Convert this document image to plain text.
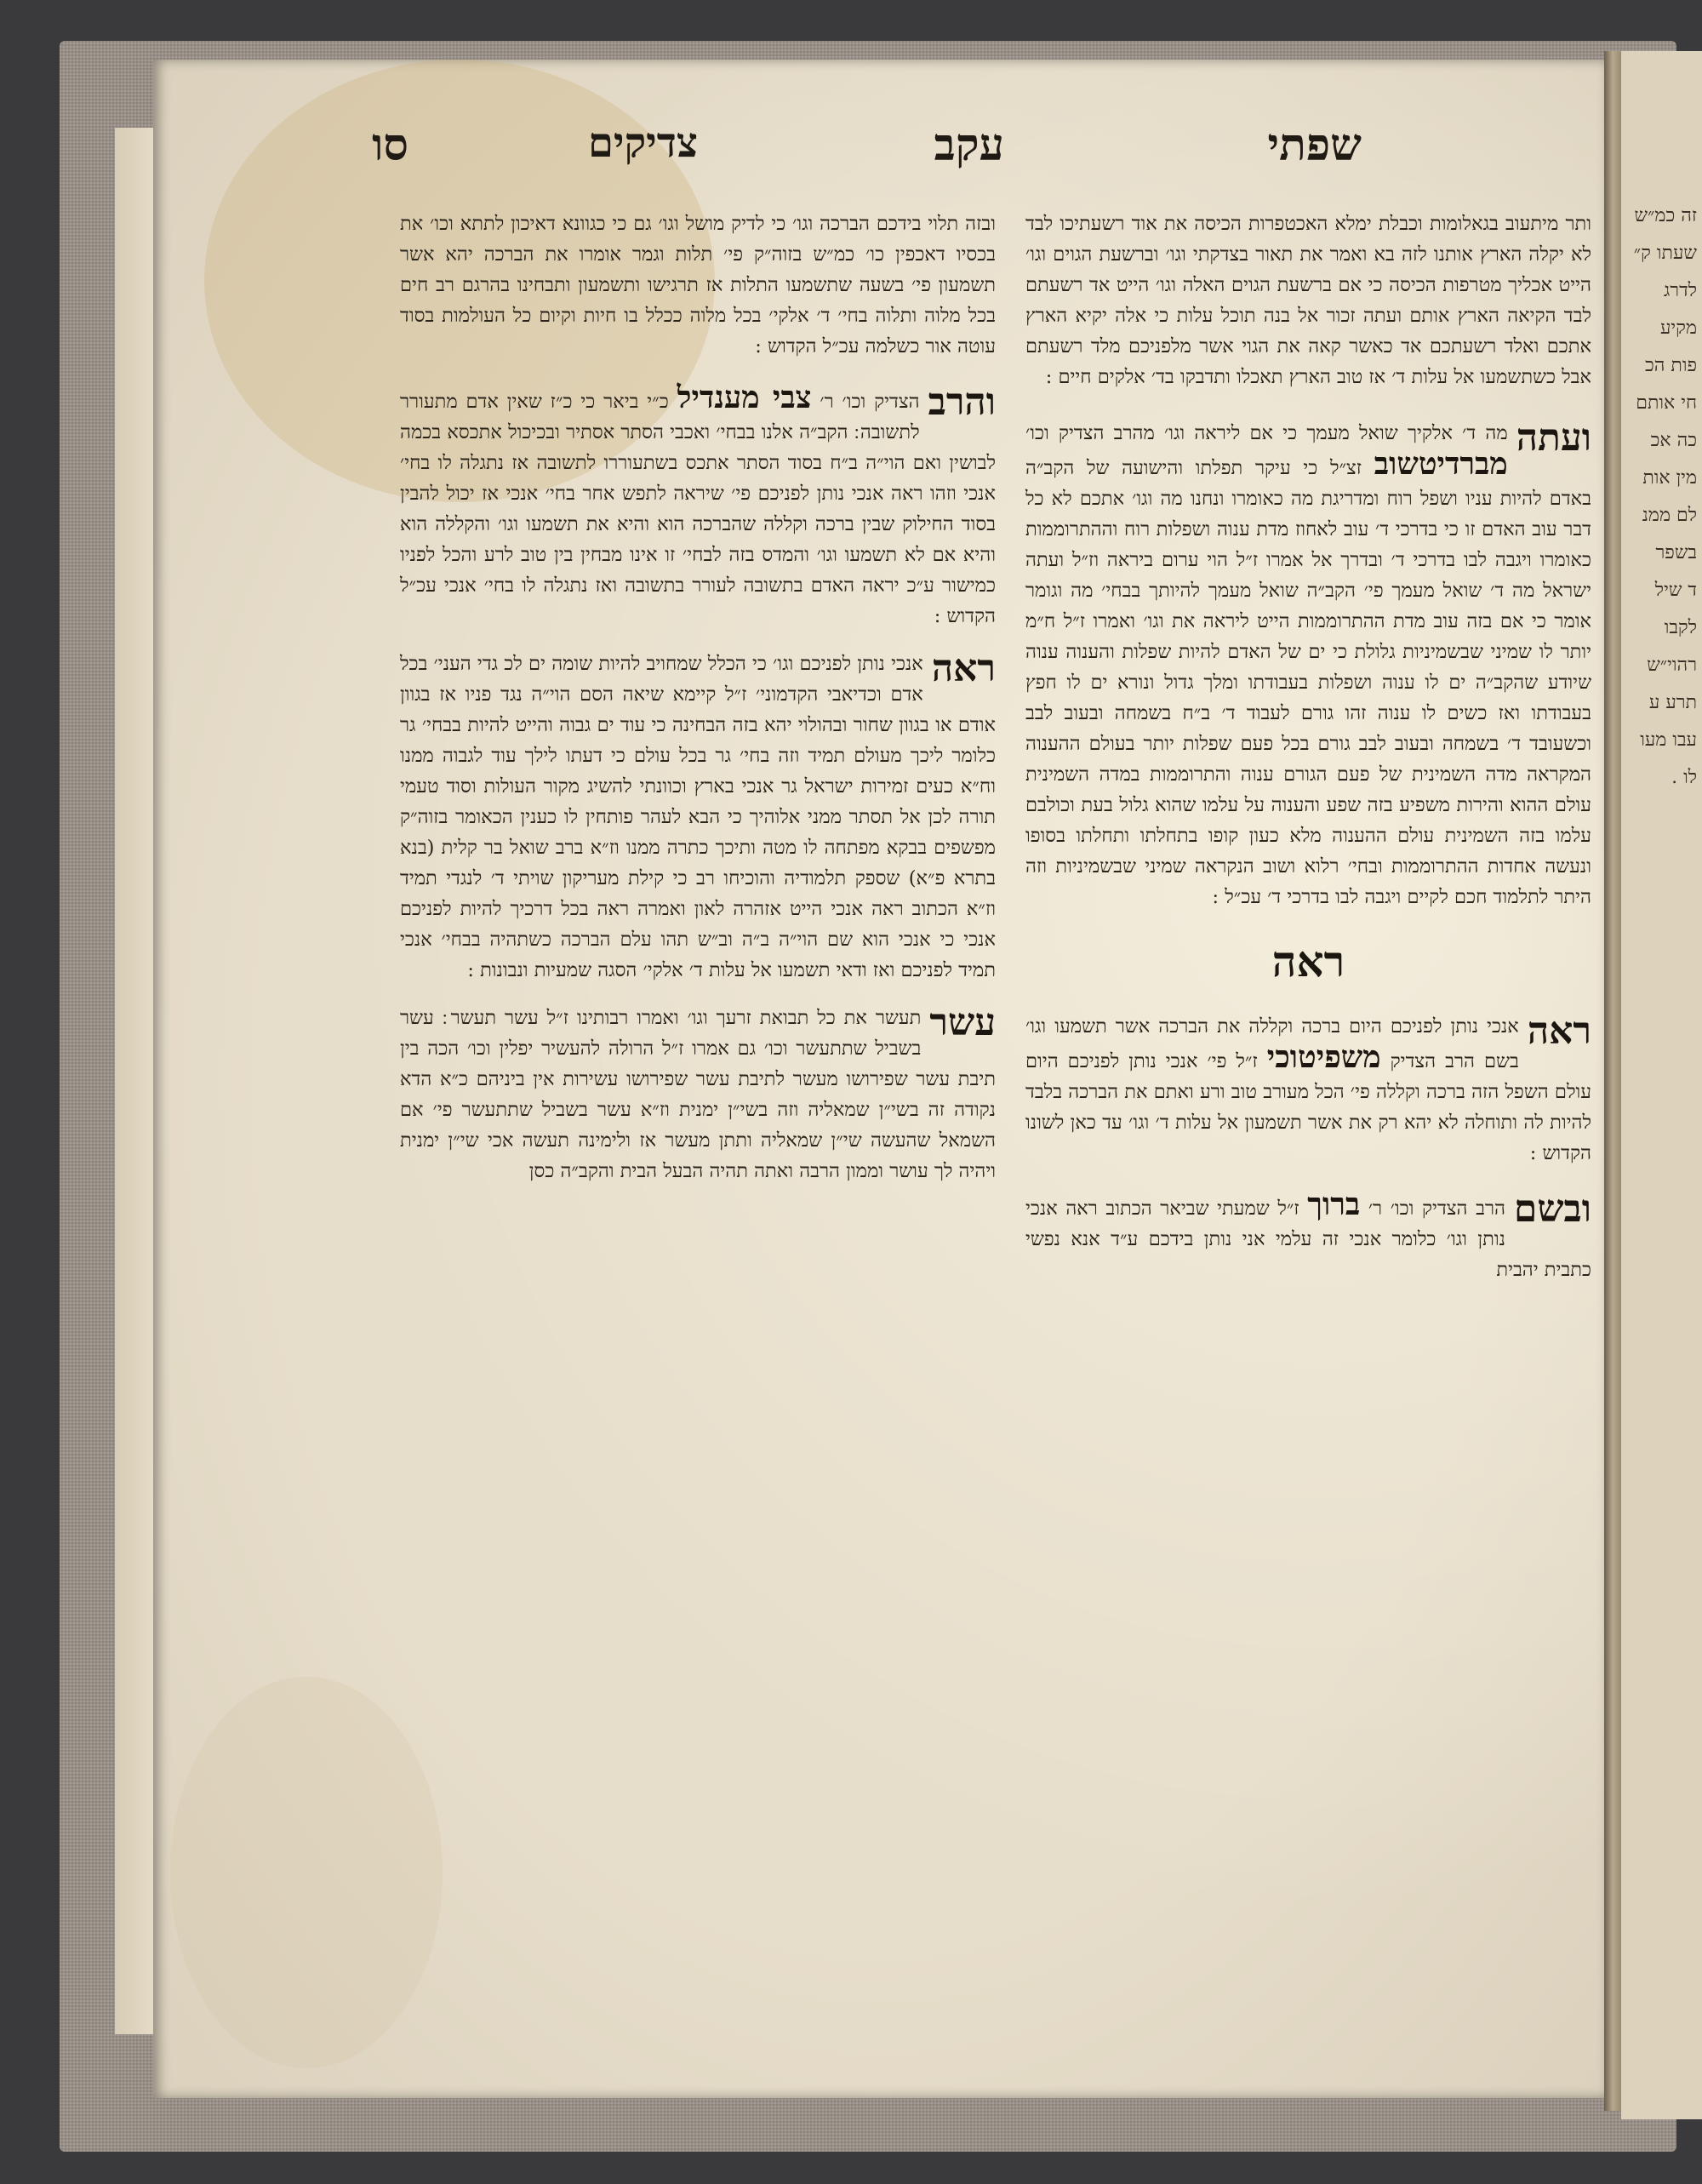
זה כמ״ש
שעתו ק״
לדרג
מקיע
פות הכ
חי אותם
כה אכ
מין אות
לם ממנ
בשפר
ד שיל
לקבו
רהוי״ש
תרע ע
עבו מעו
לו .
שפתי
עקב
צדיקים
סו

ותר מיתעוב בגאלומות וכבלת ימלא האכטפרות הכיסה את אוד רשעתיכו לבד לא יקלה הארץ אותנו לזה בא ואמר את תאור בצדקתי וגו׳ וברשעת הגוים וגו׳ הייט אכליך מטרפות הכיסה כי אם ברשעת הגוים האלה וגו׳ הייט אד רשעתם לבד הקיאה הארץ אותם ועתה זכור אל בנה תוכל עלות כי אלה יקיא הארץ אתכם ואלד רשעתכם אד כאשר קאה את הגוי אשר מלפניכם מלד רשעתם אבל כשתשמעו אל עלות ד׳ אז טוב הארץ תאכלו ותדבקו בד׳ אלקים חיים :

ועתה
מה ד׳ אלקיך שואל מעמך כי אם ליראה וגו׳ מהרב הצדיק וכו׳ מברדיטשוב זצ״ל כי עיקר תפלתו והישועה של הקב״ה באדם להיות עניו ושפל רוח ומדריגת מה כאומרו ונחנו מה וגו׳ אתכם לא כל דבר עוב האדם זו כי בדרכי ד׳ עוב לאחוז מדת ענוה ושפלות רוח וההתרוממות כאומרו ויגבה לבו בדרכי ד׳ ובדרך אל אמרו ז״ל הוי ערום ביראה וז״ל ועתה ישראל מה ד׳ שואל מעמך פי׳ הקב״ה שואל מעמך להיותך בבחי׳ מה וגומר אומר כי אם בזה עוב מדת ההתרוממות הייט ליראה את וגו׳ ואמרו ז״ל ח״מ יותר לו שמיני שבשמיניות גלולת כי ים של האדם להיות שפלות והענוה ענוה שיודע שהקב״ה ים לו ענוה ושפלות בעבודתו ומלך גדול ונורא ים לו חפץ בעבודתו ואז כשים לו ענוה זהו גורם לעבוד ד׳ ב״ח בשמחה ובעוב לבב וכשעובד ד׳ בשמחה ובעוב לבב גורם בכל פעם שפלות יותר בעולם ההענוה המקראה מדה השמינית של פעם הגורם ענוה והתרוממות במדה השמינית עולם ההוא והירות משפיע בזה שפע והענוה על עלמו שהוא גלול בעת וכולבם עלמו בזה השמינית עולם ההענוה מלא כעון קופו בתחלתו ותחלתו בסופו ונעשה אחדות ההתרוממות ובחי׳ רלוא ושוב הנקראה שמיני שבשמיניות וזה היתר לתלמוד חכם לקיים ויגבה לבו בדרכי ד׳ עכ״ל :

ראה

ראה
אנכי נותן לפניכם היום ברכה וקללה את הברכה אשר תשמעו וגו׳ בשם הרב הצדיק משפיטוכי ז״ל פי׳ אנכי נותן לפניכם היום עולם השפל הזה ברכה וקללה פי׳ הכל מעורב טוב ורע ואתם את הברכה בלבד להיות לה ותוחלה לא יהא רק את אשר תשמעון אל עלות ד׳ וגו׳ עד כאן לשונו הקדוש :

ובשם
הרב הצדיק וכו׳ ר׳ ברוך ז״ל שמעתי שביאר הכתוב ראה אנכי נותן וגו׳ כלומר אנכי זה עלמי אני נותן בידכם ע״ד אנא נפשי כתבית יהבית

ובזה תלוי בידכם הברכה וגו׳ כי לדיק מושל וגו׳ גם כי כגוונא דאיכון לתתא וכו׳ את בכסיו דאכפין כו׳ כמ״ש בזוה״ק פי׳ תלות וגמר אומרו את הברכה יהא אשר תשמעון פי׳ בשעה שתשמעו התלות אז תרגישו ותשמעון ותבחינו בהרגם רב חים בכל מלוה ותלוה בחי׳ ד׳ אלקי׳ בכל מלוה ככלל בו חיות וקיום כל העולמות בסוד עוטה אור כשלמה עכ״ל הקדוש :

והרב
הצדיק וכו׳ ר׳ צבי מענדיל כ״י ביאר כי כ״ז שאין אדם מתעורר לתשובה ׃ הקב״ה אלנו בבחי׳ ואכבי הסתר אסתיר ובכיכול אתכסא בכמה לבושין ואם הוי״ה ב״ח בסוד הסתר אתכס בשתעוררו לתשובה אז נתגלה לו בחי׳ אנכי וזהו ראה אנכי נותן לפניכם פי׳ שיראה לתפש אחר בחי׳ אנכי אז יכול להבין בסוד החילוק שבין ברכה וקללה שהברכה הוא והיא את תשמעו וגו׳ והקללה הוא והיא אם לא תשמעו וגו׳ והמדס בזה לבחי׳ זו אינו מבחין בין טוב לרע והכל לפניו כמישור ע״כ יראה האדם בתשובה לעורר בתשובה ואז נתגלה לו בחי׳ אנכי עכ״ל הקדוש :

ראה
אנכי נותן לפניכם וגו׳ כי הכלל שמחויב להיות שומה ים לכ גדי העני׳ בכל אדם וכדיאבי הקדמוני׳ ז״ל קיימא שיאה הסם הוי״ה נגד פניו אז בגוון אודם או בגוון שחור ובהולוי יהא בזה הבחינה כי עוד ים גבוה והייט להיות בבחי׳ גר כלומר ליכך מעולם תמיד וזה בחי׳ גר בכל עולם כי דעתו לילך עוד לגבוה ממנו וח״א כעים זמירות ישראל גר אנכי בארץ וכוונתי להשיג מקור העולות וסוד טעמי תורה לכן אל תסתר ממני אלוהיך כי הבא לעהר פותחין לו כענין הכאומר בזוה״ק מפשפים בבקא מפתחה לו מטה ותיכך כתרה ממנו וז״א ברב שואל בר קלית (בנא בתרא פ״א) שספק תלמודיה והוכיחו רב כי קילת מעריקון שויתי ד׳ לנגדי תמיד וז״א הכתוב ראה אנכי הייט אזהרה לאון ואמרה ראה בכל דרכיך להיות לפניכם אנכי כי אנכי הוא שם הוי״ה ב״ה וב״ש תהו עלם הברכה כשתהיה בבחי׳ אנכי תמיד לפניכם ואז ודאי תשמעו אל עלות ד׳ אלקי׳ הסגה שמעיות ונבונות :

עשר
תעשר את כל תבואת זרעך וגו׳ ואמרו רבותינו ז״ל עשר תעשר ׃ עשר בשביל שתתעשר וכו׳ גם אמרו ז״ל הרולה להעשיר יפלין וכו׳ הכה בין תיבת עשר שפירושו מעשר לתיבת עשר שפירושו עשירות אין ביניהם כ״א הדא נקודה זה בשי״ן שמאליה וזה בשי״ן ימנית וז״א עשר בשביל שתתעשר פי׳ אם השמאל שהעשה שי״ן שמאליה ותתן מעשר אז ולימינה תעשה אכי שי״ן ימנית ויהיה לך עושר וממון הרבה ואתה תהיה הבעל הבית והקב״ה כסן
